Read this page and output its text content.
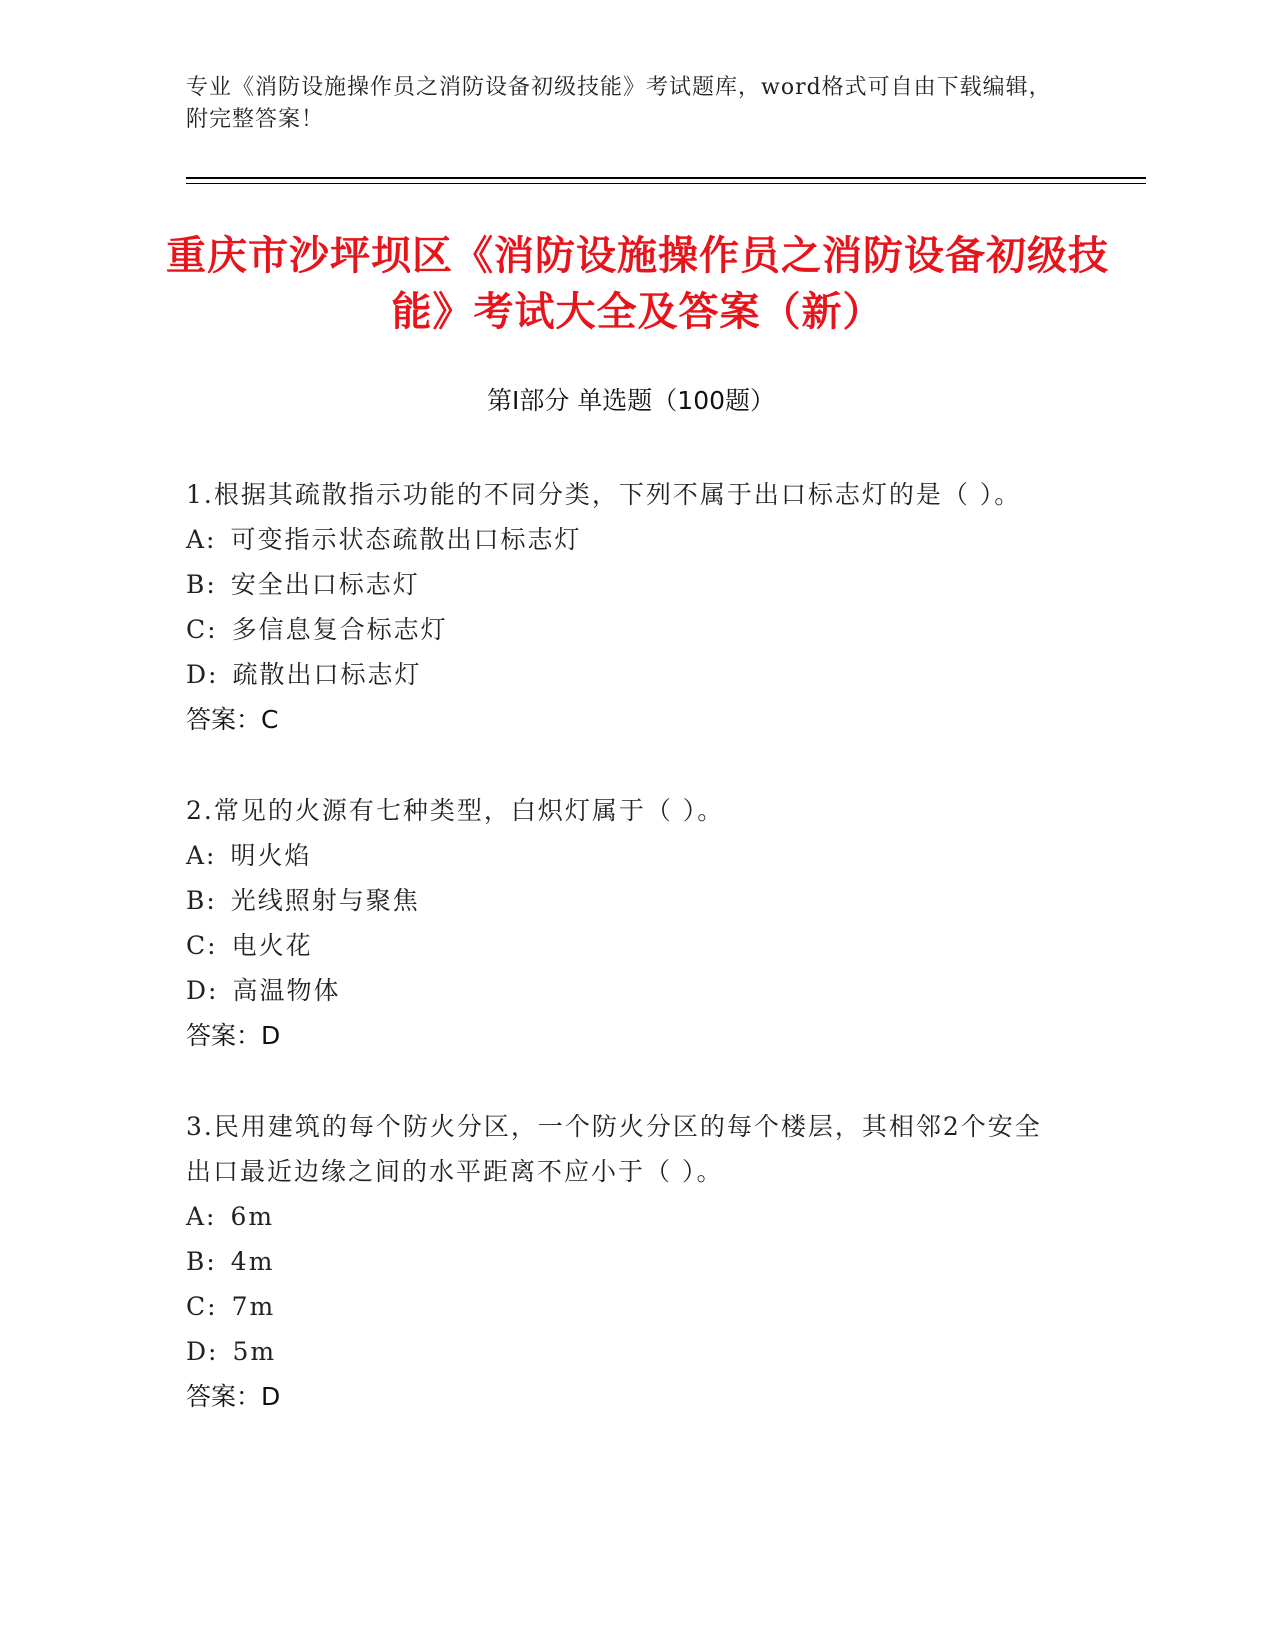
专业《消防设施操作员之消防设备初级技能》考试题库，word格式可自由下载编辑，附完整答案！
重庆市沙坪坝区《消防设施操作员之消防设备初级技能》考试大全及答案（新）
第Ⅰ部分 单选题（100题）

1.根据其疏散指示功能的不同分类，下列不属于出口标志灯的是（ ）。

A: 可变指示状态疏散出口标志灯
B: 安全出口标志灯
C: 多信息复合标志灯
D: 疏散出口标志灯
答案：C

2.常见的火源有七种类型，白炽灯属于（ ）。

A: 明火焰
B: 光线照射与聚焦
C: 电火花
D: 高温物体
答案：D

3.民用建筑的每个防火分区，一个防火分区的每个楼层，其相邻2个安全出口最近边缘之间的水平距离不应小于（ ）。

A: 6m
B: 4m
C: 7m
D: 5m
答案：D
